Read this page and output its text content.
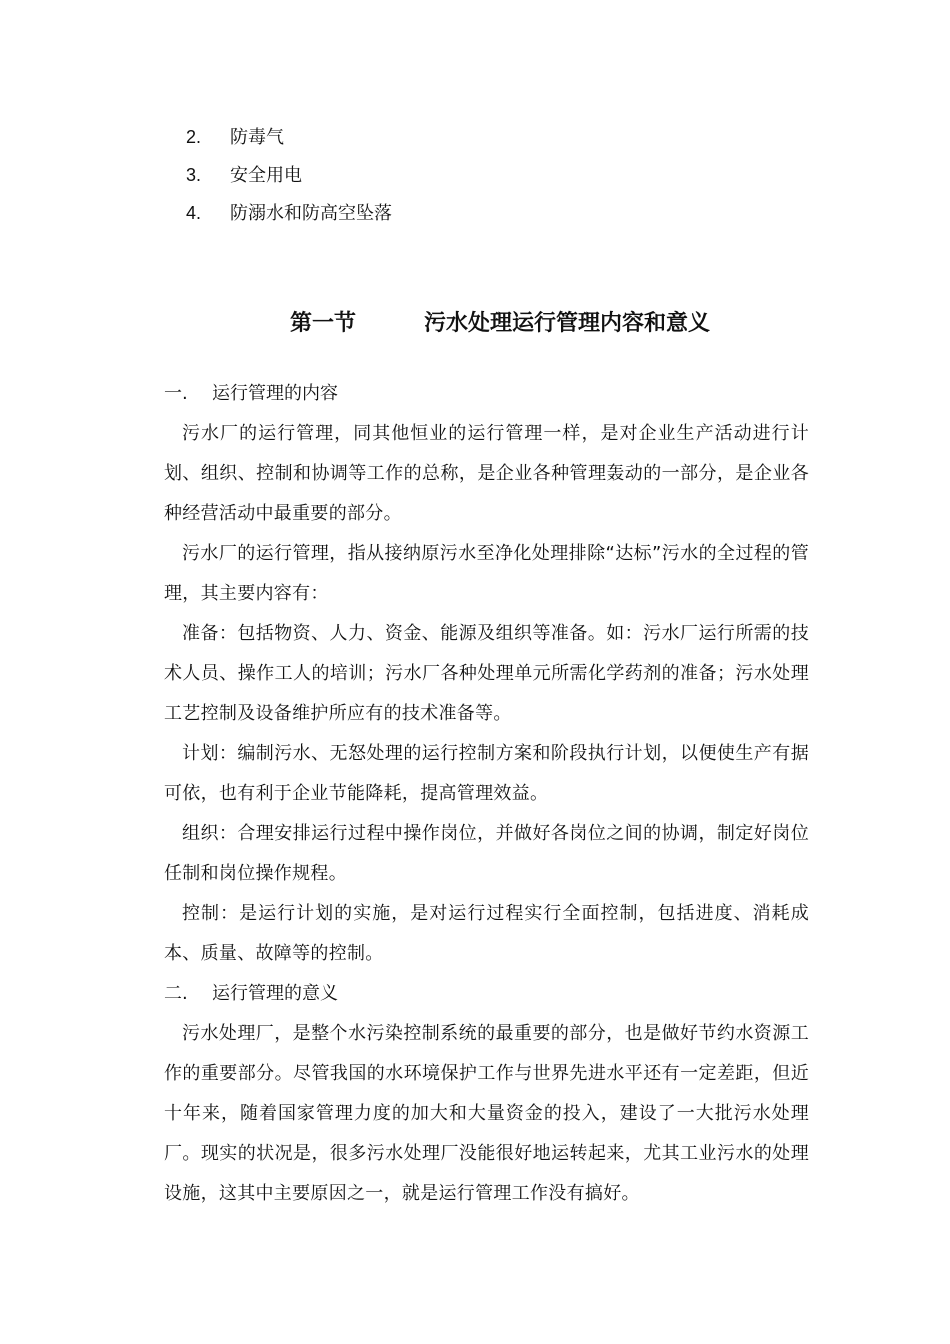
2. 防毒气
3. 安全用电
4. 防溺水和防高空坠落
第一节	污水处理运行管理内容和意义
一. 运行管理的内容

污水厂的运行管理，同其他恒业的运行管理一样，是对企业生产活动进行计划、组织、控制和协调等工作的总称，是企业各种管理轰动的一部分，是企业各种经营活动中最重要的部分。

污水厂的运行管理，指从接纳原污水至净化处理排除“达标”污水的全过程的管理，其主要内容有：

准备：包括物资、人力、资金、能源及组织等准备。如：污水厂运行所需的技术人员、操作工人的培训；污水厂各种处理单元所需化学药剂的准备；污水处理工艺控制及设备维护所应有的技术准备等。

计划：编制污水、无怒处理的运行控制方案和阶段执行计划，以便使生产有据可依，也有利于企业节能降耗，提高管理效益。

组织：合理安排运行过程中操作岗位，并做好各岗位之间的协调，制定好岗位任制和岗位操作规程。

控制：是运行计划的实施，是对运行过程实行全面控制，包括进度、消耗成本、质量、故障等的控制。

二. 运行管理的意义

污水处理厂，是整个水污染控制系统的最重要的部分，也是做好节约水资源工作的重要部分。尽管我国的水环境保护工作与世界先进水平还有一定差距，但近十年来，随着国家管理力度的加大和大量资金的投入，建设了一大批污水处理厂。现实的状况是，很多污水处理厂没能很好地运转起来，尤其工业污水的处理设施，这其中主要原因之一，就是运行管理工作没有搞好。
